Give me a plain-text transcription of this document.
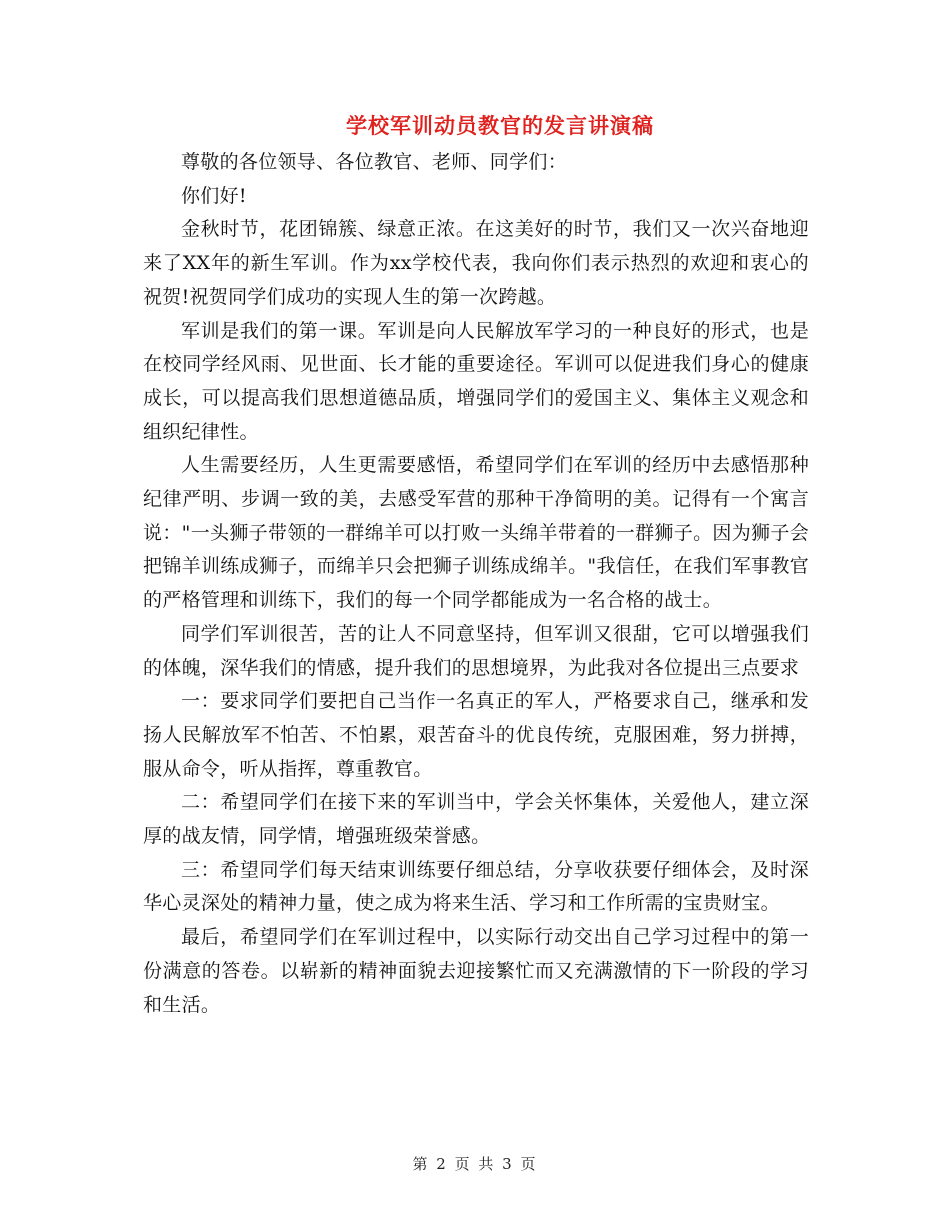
学校军训动员教官的发言讲演稿

尊敬的各位领导、各位教官、老师、同学们：

你们好!

金秋时节，花团锦簇、绿意正浓。在这美好的时节，我们又一次兴奋地迎来了XX年的新生军训。作为xx学校代表，我向你们表示热烈的欢迎和衷心的祝贺!祝贺同学们成功的实现人生的第一次跨越。

军训是我们的第一课。军训是向人民解放军学习的一种良好的形式，也是在校同学经风雨、见世面、长才能的重要途径。军训可以促进我们身心的健康成长，可以提高我们思想道德品质，增强同学们的爱国主义、集体主义观念和组织纪律性。

人生需要经历，人生更需要感悟，希望同学们在军训的经历中去感悟那种纪律严明、步调一致的美，去感受军营的那种干净简明的美。记得有一个寓言说："一头狮子带领的一群绵羊可以打败一头绵羊带着的一群狮子。因为狮子会把锦羊训练成狮子，而绵羊只会把狮子训练成绵羊。"我信任，在我们军事教官的严格管理和训练下，我们的每一个同学都能成为一名合格的战士。

同学们军训很苦，苦的让人不同意坚持，但军训又很甜，它可以增强我们的体魄，深华我们的情感，提升我们的思想境界，为此我对各位提出三点要求

一：要求同学们要把自己当作一名真正的军人，严格要求自己，继承和发扬人民解放军不怕苦、不怕累，艰苦奋斗的优良传统，克服困难，努力拼搏，服从命令，听从指挥，尊重教官。

二：希望同学们在接下来的军训当中，学会关怀集体，关爱他人，建立深厚的战友情，同学情，增强班级荣誉感。

三：希望同学们每天结束训练要仔细总结，分享收获要仔细体会，及时深华心灵深处的精神力量，使之成为将来生活、学习和工作所需的宝贵财宝。

最后，希望同学们在军训过程中，以实际行动交出自己学习过程中的第一份满意的答卷。以崭新的精神面貌去迎接繁忙而又充满激情的下一阶段的学习和生活。

第 2 页 共 3 页
